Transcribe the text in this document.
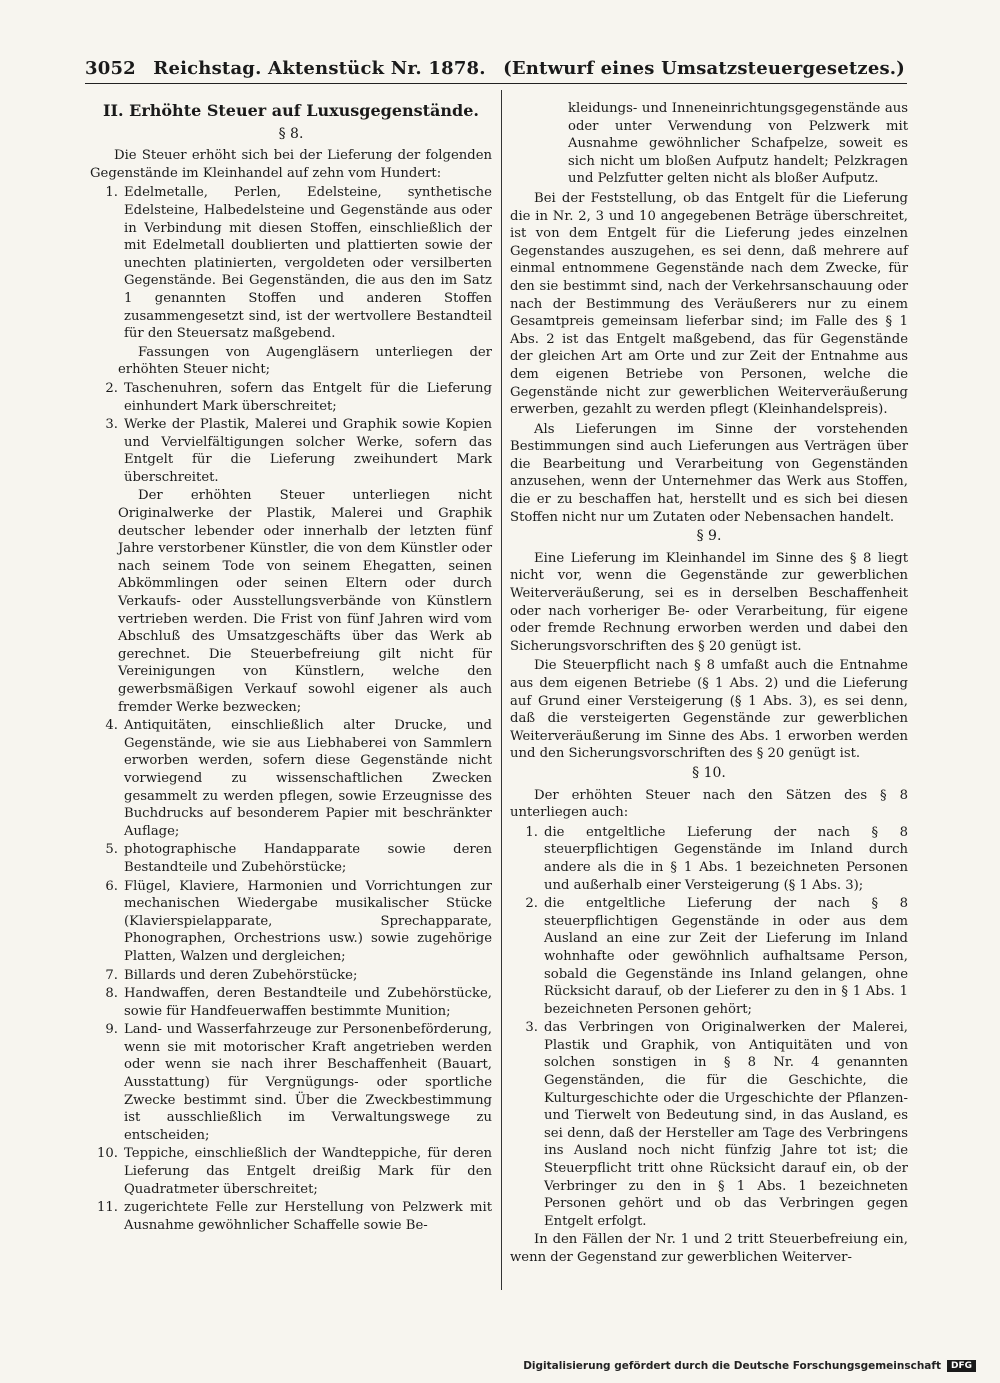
3052 Reichstag. Aktenstück Nr. 1878. (Entwurf eines Umsatzsteuergesetzes.)
II. Erhöhte Steuer auf Luxusgegenstände.
§ 8.
Die Steuer erhöht sich bei der Lieferung der folgenden Gegenstände im Kleinhandel auf zehn vom Hundert:
1. Edelmetalle, Perlen, Edelsteine, synthetische Edelsteine, Halbedelsteine und Gegenstände aus oder in Verbindung mit diesen Stoffen, einschließlich der mit Edelmetall doublierten und plattierten sowie der unechten platinierten, vergoldeten oder versilberten Gegenstände. Bei Gegenständen, die aus den im Satz 1 genannten Stoffen und anderen Stoffen zusammengesetzt sind, ist der wertvollere Bestandteil für den Steuersatz maßgebend.
Fassungen von Augengläsern unterliegen der erhöhten Steuer nicht;
2. Taschenuhren, sofern das Entgelt für die Lieferung einhundert Mark überschreitet;
3. Werke der Plastik, Malerei und Graphik sowie Kopien und Vervielfältigungen solcher Werke, sofern das Entgelt für die Lieferung zweihundert Mark überschreitet.
Der erhöhten Steuer unterliegen nicht Originalwerke der Plastik, Malerei und Graphik deutscher lebender oder innerhalb der letzten fünf Jahre verstorbener Künstler, die von dem Künstler oder nach seinem Tode von seinem Ehegatten, seinen Abkömmlingen oder seinen Eltern oder durch Verkaufs- oder Ausstellungsverbände von Künstlern vertrieben werden. Die Frist von fünf Jahren wird vom Abschluß des Umsatzgeschäfts über das Werk ab gerechnet. Die Steuerbefreiung gilt nicht für Vereinigungen von Künstlern, welche den gewerbsmäßigen Verkauf sowohl eigener als auch fremder Werke bezwecken;
4. Antiquitäten, einschließlich alter Drucke, und Gegenstände, wie sie aus Liebhaberei von Sammlern erworben werden, sofern diese Gegenstände nicht vorwiegend zu wissenschaftlichen Zwecken gesammelt zu werden pflegen, sowie Erzeugnisse des Buchdrucks auf besonderem Papier mit beschränkter Auflage;
5. photographische Handapparate sowie deren Bestandteile und Zubehörstücke;
6. Flügel, Klaviere, Harmonien und Vorrichtungen zur mechanischen Wiedergabe musikalischer Stücke (Klavierspielapparate, Sprechapparate, Phonographen, Orchestrions usw.) sowie zugehörige Platten, Walzen und dergleichen;
7. Billards und deren Zubehörstücke;
8. Handwaffen, deren Bestandteile und Zubehörstücke, sowie für Handfeuerwaffen bestimmte Munition;
9. Land- und Wasserfahrzeuge zur Personenbeförderung, wenn sie mit motorischer Kraft angetrieben werden oder wenn sie nach ihrer Beschaffenheit (Bauart, Ausstattung) für Vergnügungs- oder sportliche Zwecke bestimmt sind. Über die Zweckbestimmung ist ausschließlich im Verwaltungswege zu entscheiden;
10. Teppiche, einschließlich der Wandteppiche, für deren Lieferung das Entgelt dreißig Mark für den Quadratmeter überschreitet;
11. zugerichtete Felle zur Herstellung von Pelzwerk mit Ausnahme gewöhnlicher Schaffelle sowie Be-
kleidungs- und Inneneinrichtungsgegenstände aus oder unter Verwendung von Pelzwerk mit Ausnahme gewöhnlicher Schafpelze, soweit es sich nicht um bloßen Aufputz handelt; Pelzkragen und Pelzfutter gelten nicht als bloßer Aufputz.
Bei der Feststellung, ob das Entgelt für die Lieferung die in Nr. 2, 3 und 10 angegebenen Beträge überschreitet, ist von dem Entgelt für die Lieferung jedes einzelnen Gegenstandes auszugehen, es sei denn, daß mehrere auf einmal entnommene Gegenstände nach dem Zwecke, für den sie bestimmt sind, nach der Verkehrsanschauung oder nach der Bestimmung des Veräußerers nur zu einem Gesamtpreis gemeinsam lieferbar sind; im Falle des § 1 Abs. 2 ist das Entgelt maßgebend, das für Gegenstände der gleichen Art am Orte und zur Zeit der Entnahme aus dem eigenen Betriebe von Personen, welche die Gegenstände nicht zur gewerblichen Weiterveräußerung erwerben, gezahlt zu werden pflegt (Kleinhandelspreis).
Als Lieferungen im Sinne der vorstehenden Bestimmungen sind auch Lieferungen aus Verträgen über die Bearbeitung und Verarbeitung von Gegenständen anzusehen, wenn der Unternehmer das Werk aus Stoffen, die er zu beschaffen hat, herstellt und es sich bei diesen Stoffen nicht nur um Zutaten oder Nebensachen handelt.
§ 9.
Eine Lieferung im Kleinhandel im Sinne des § 8 liegt nicht vor, wenn die Gegenstände zur gewerblichen Weiterveräußerung, sei es in derselben Beschaffenheit oder nach vorheriger Be- oder Verarbeitung, für eigene oder fremde Rechnung erworben werden und dabei den Sicherungsvorschriften des § 20 genügt ist.
Die Steuerpflicht nach § 8 umfaßt auch die Entnahme aus dem eigenen Betriebe (§ 1 Abs. 2) und die Lieferung auf Grund einer Versteigerung (§ 1 Abs. 3), es sei denn, daß die versteigerten Gegenstände zur gewerblichen Weiterveräußerung im Sinne des Abs. 1 erworben werden und den Sicherungsvorschriften des § 20 genügt ist.
§ 10.
Der erhöhten Steuer nach den Sätzen des § 8 unterliegen auch:
1. die entgeltliche Lieferung der nach § 8 steuerpflichtigen Gegenstände im Inland durch andere als die in § 1 Abs. 1 bezeichneten Personen und außerhalb einer Versteigerung (§ 1 Abs. 3);
2. die entgeltliche Lieferung der nach § 8 steuerpflichtigen Gegenstände in oder aus dem Ausland an eine zur Zeit der Lieferung im Inland wohnhafte oder gewöhnlich aufhaltsame Person, sobald die Gegenstände ins Inland gelangen, ohne Rücksicht darauf, ob der Lieferer zu den in § 1 Abs. 1 bezeichneten Personen gehört;
3. das Verbringen von Originalwerken der Malerei, Plastik und Graphik, von Antiquitäten und von solchen sonstigen in § 8 Nr. 4 genannten Gegenständen, die für die Geschichte, die Kulturgeschichte oder die Urgeschichte der Pflanzen- und Tierwelt von Bedeutung sind, in das Ausland, es sei denn, daß der Hersteller am Tage des Verbringens ins Ausland noch nicht fünfzig Jahre tot ist; die Steuerpflicht tritt ohne Rücksicht darauf ein, ob der Verbringer zu den in § 1 Abs. 1 bezeichneten Personen gehört und ob das Verbringen gegen Entgelt erfolgt.
In den Fällen der Nr. 1 und 2 tritt Steuerbefreiung ein, wenn der Gegenstand zur gewerblichen Weiterver-
Digitalisierung gefördert durch die Deutsche Forschungsgemeinschaft	DFG
